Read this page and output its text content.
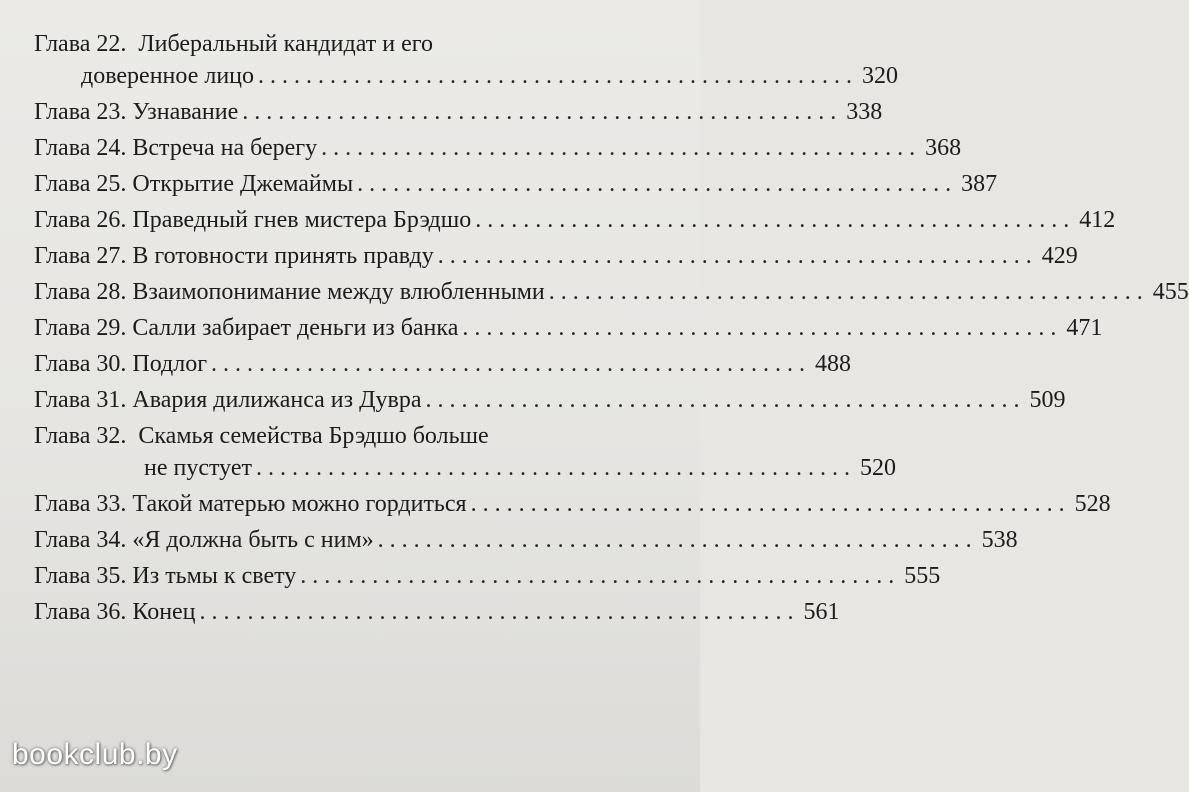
Глава 22. Либеральный кандидат и его
доверенное лицо .................................................. 320
Глава 23. Узнавание .................................................. 338
Глава 24. Встреча на берегу .................................................. 368
Глава 25. Открытие Джемаймы .................................................. 387
Глава 26. Праведный гнев мистера Брэдшо .................................................. 412
Глава 27. В готовности принять правду .................................................. 429
Глава 28. Взаимопонимание между влюбленными .................................................. 455
Глава 29. Салли забирает деньги из банка .................................................. 471
Глава 30. Подлог .................................................. 488
Глава 31. Авария дилижанса из Дувра .................................................. 509
Глава 32. Скамья семейства Брэдшо больше
не пустует .................................................. 520
Глава 33. Такой матерью можно гордиться .................................................. 528
Глава 34. «Я должна быть с ним» .................................................. 538
Глава 35. Из тьмы к свету .................................................. 555
Глава 36. Конец .................................................. 561
bookclub.by
